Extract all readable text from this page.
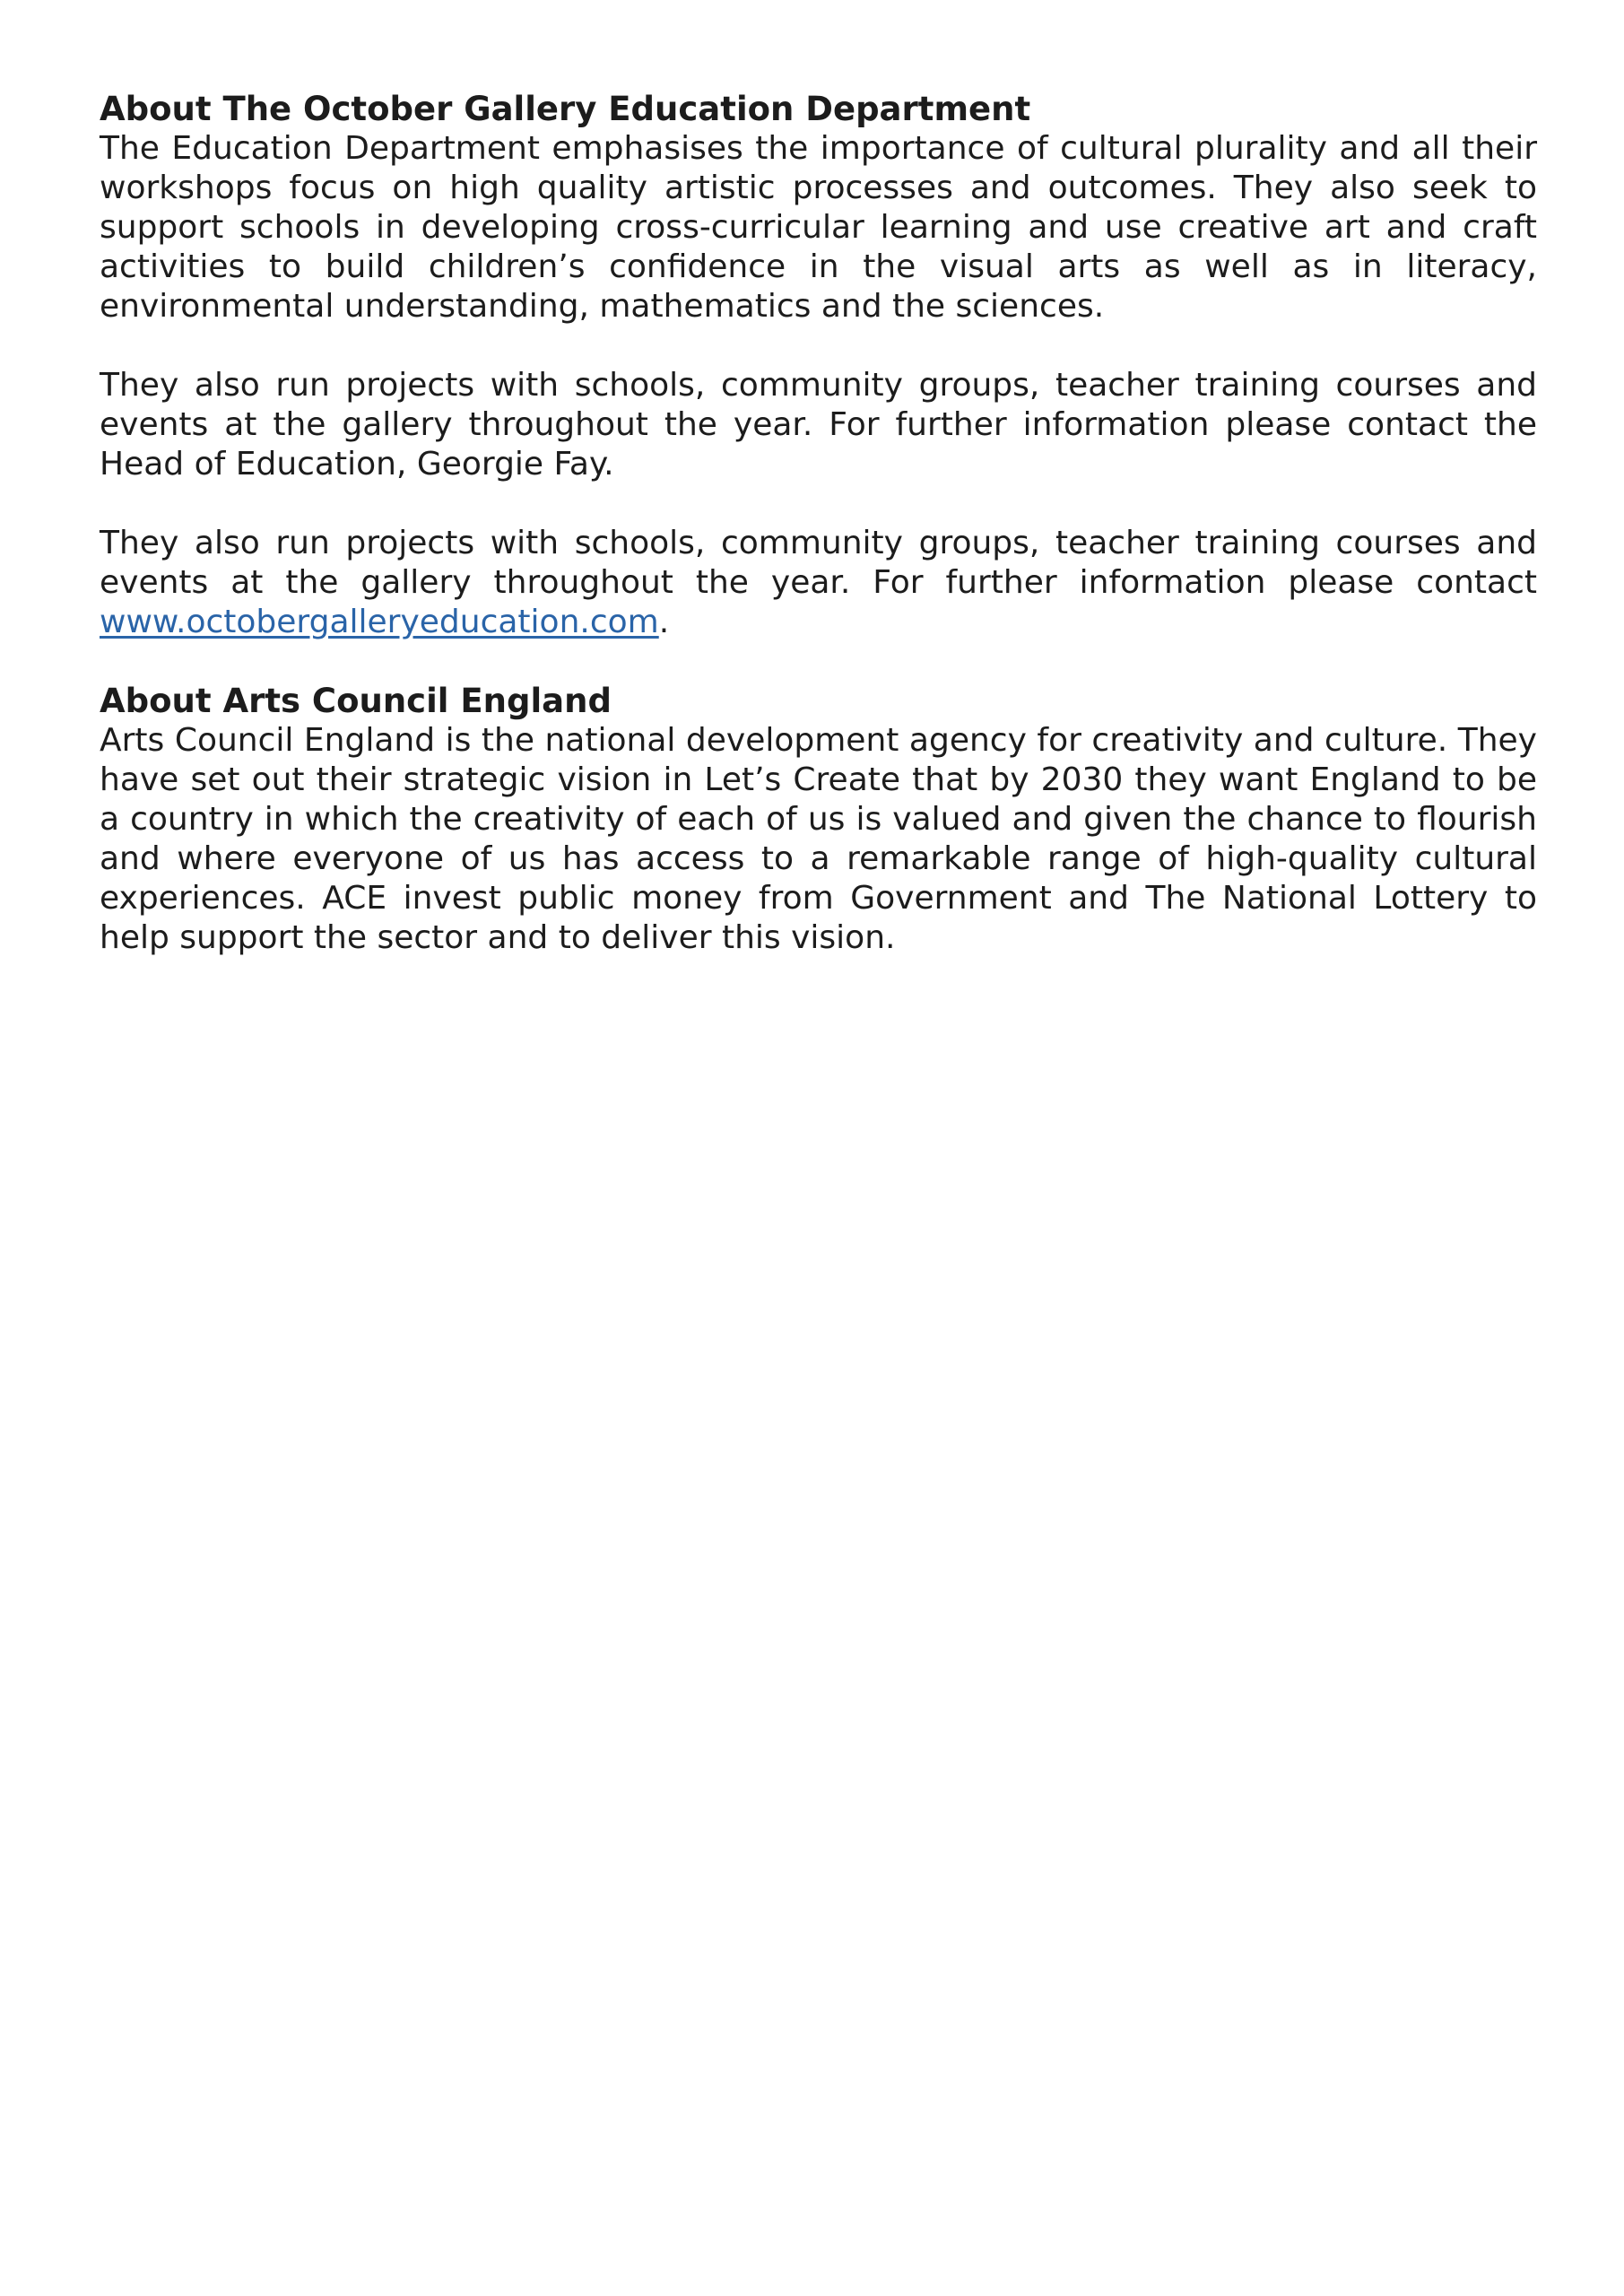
About The October Gallery Education Department

The Education Department emphasises the importance of cultural plurality and all their workshops focus on high quality artistic processes and outcomes. They also seek to support schools in developing cross-curricular learning and use creative art and craft activities to build children’s confidence in the visual arts as well as in literacy, environmental understanding, mathematics and the sciences.

They also run projects with schools, community groups, teacher training courses and events at the gallery throughout the year. For further information please contact the Head of Education, Georgie Fay.

They also run projects with schools, community groups, teacher training courses and events at the gallery throughout the year. For further information please contact www.octobergalleryeducation.com.

About Arts Council England

Arts Council England is the national development agency for creativity and culture. They have set out their strategic vision in Let’s Create that by 2030 they want England to be a country in which the creativity of each of us is valued and given the chance to flourish and where everyone of us has access to a remarkable range of high-quality cultural experiences. ACE invest public money from Government and The National Lottery to help support the sector and to deliver this vision.
